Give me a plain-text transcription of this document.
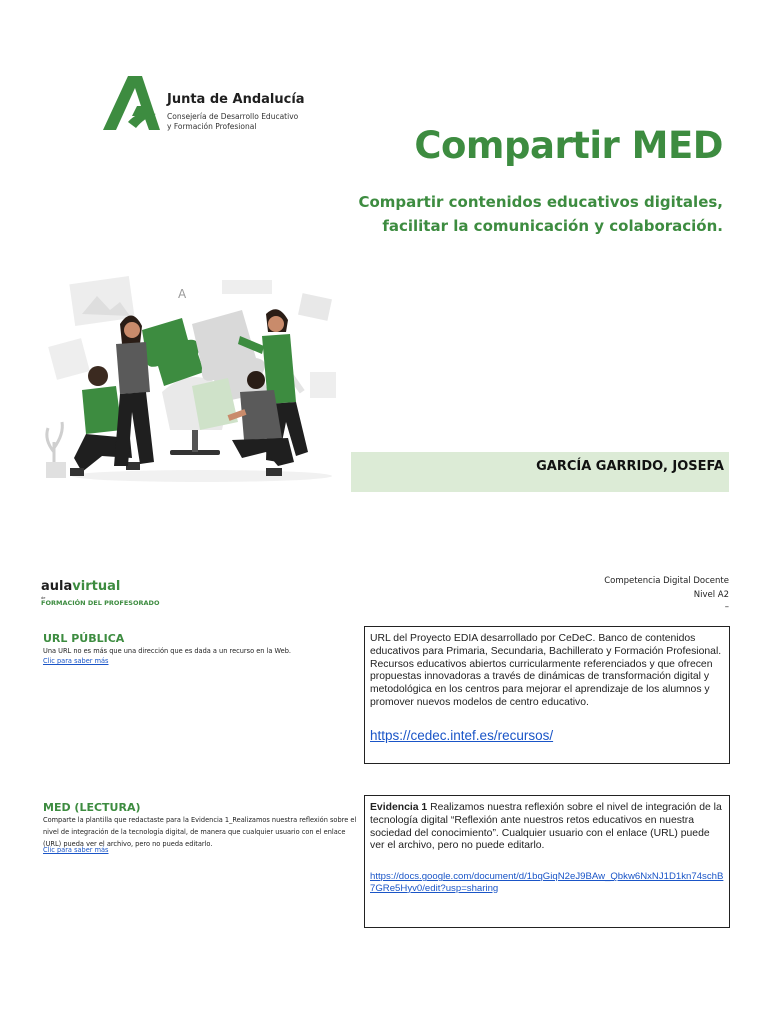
Junta de Andalucía
Consejería de Desarrollo Educativo
y Formación Profesional	Compartir MED
Compartir contenidos educativos digitales,
facilitar la comunicación y colaboración.
A
GARCÍA GARRIDO, JOSEFA
aulavirtual
de
FORMACIÓN DEL PROFESORADO
Competencia Digital Docente
Nivel A2
–
URL PÚBLICA
Una URL no es más que una dirección que es dada a un recurso en la Web.
Clic para saber más
URL del Proyecto EDIA desarrollado por CeDeC. Banco de contenidos educativos para Primaria, Secundaria, Bachillerato y Formación Profesional. Recursos educativos abiertos curricularmente referenciados y que ofrecen propuestas innovadoras a través de dinámicas de transformación digital y metodológica en los centros para mejorar el aprendizaje de los alumnos y promover nuevos modelos de centro educativo.
https://cedec.intef.es/recursos/
MED (LECTURA)
Comparte la plantilla que redactaste para la Evidencia 1_Realizamos nuestra reflexión sobre el nivel de integración de la tecnología digital, de manera que cualquier usuario con el enlace (URL) pueda ver el archivo, pero no pueda editarlo.
Clic para saber más
Evidencia 1 Realizamos nuestra reflexión sobre el nivel de integración de la tecnología digital “Reflexión ante nuestros retos educativos en nuestra sociedad del conocimiento”. Cualquier usuario con el enlace (URL) puede ver el archivo, pero no puede editarlo.
https://docs.google.com/document/d/1bqGiqN2eJ9BAw_Qbkw6NxNJ1D1kn74schB7GRe5Hyv0/edit?usp=sharing
